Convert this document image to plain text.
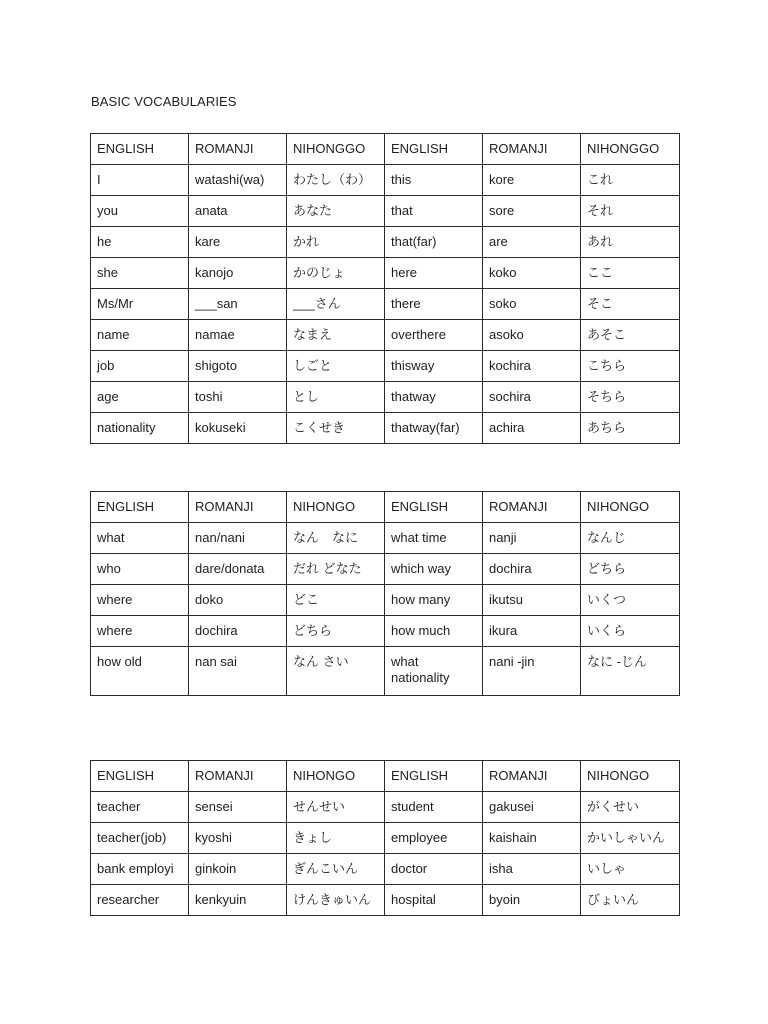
BASIC VOCABULARIES
ENGLISH	ROMANJI	NIHONGGO	ENGLISH	ROMANJI	NIHONGGO
I	watashi(wa)	わたし（わ）	this	kore	これ
you	anata	あなた	that	sore	それ
he	kare	かれ	that(far)	are	あれ
she	kanojo	かのじょ	here	koko	ここ
Ms/Mr	___san	___さん	there	soko	そこ
name	namae	なまえ	overthere	asoko	あそこ
job	shigoto	しごと	thisway	kochira	こちら
age	toshi	とし	thatway	sochira	そちら
nationality	kokuseki	こくせき	thatway(far)	achira	あちら
ENGLISH	ROMANJI	NIHONGO	ENGLISH	ROMANJI	NIHONGO
what	nan/nani	なん　なに	what time	nanji	なんじ
who	dare/donata	だれ どなた	which way	dochira	どちら
where	doko	どこ	how many	ikutsu	いくつ
where	dochira	どちら	how much	ikura	いくら
how old	nan sai	なん さい	what nationality	nani -jin	なに -じん
ENGLISH	ROMANJI	NIHONGO	ENGLISH	ROMANJI	NIHONGO
teacher	sensei	せんせい	student	gakusei	がくせい
teacher(job)	kyoshi	きょし	employee	kaishain	かいしゃいん
bank employi	ginkoin	ぎんこいん	doctor	isha	いしゃ
researcher	kenkyuin	けんきゅいん	hospital	byoin	びょいん
